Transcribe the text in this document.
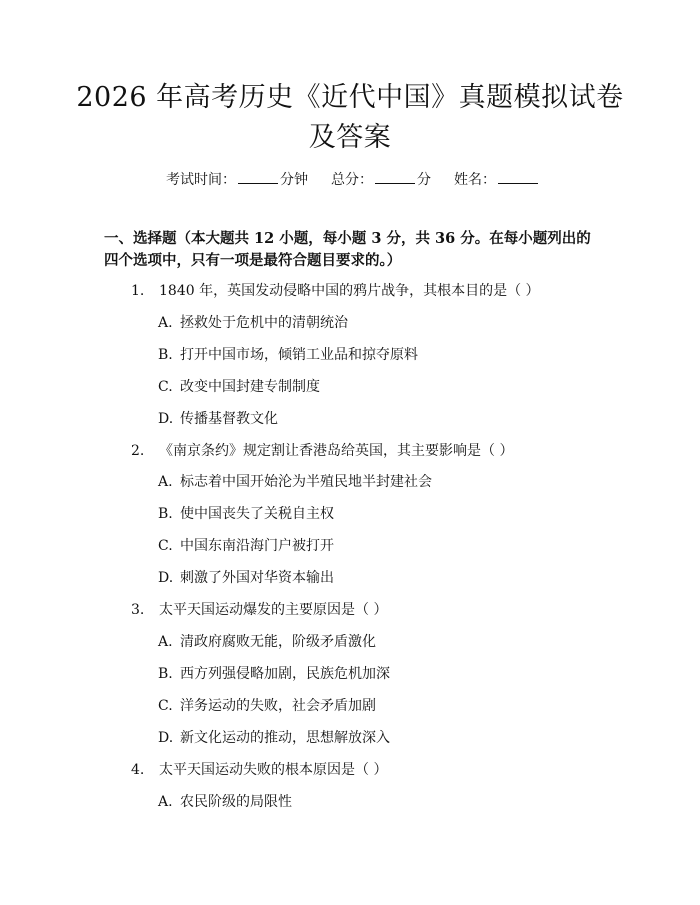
2026 年高考历史《近代中国》真题模拟试卷
及答案
考试时间：	分钟 总分：	分 姓名：
一、选择题（本大题共 12 小题，每小题 3 分，共 36 分。在每小题列出的四个选项中，只有一项是最符合题目要求的。）
1. 1840 年，英国发动侵略中国的鸦片战争，其根本目的是（ ）
A. 拯救处于危机中的清朝统治
B. 打开中国市场，倾销工业品和掠夺原料
C. 改变中国封建专制制度
D. 传播基督教文化
2. 《南京条约》规定割让香港岛给英国，其主要影响是（ ）
A. 标志着中国开始沦为半殖民地半封建社会
B. 使中国丧失了关税自主权
C. 中国东南沿海门户被打开
D. 刺激了外国对华资本输出
3. 太平天国运动爆发的主要原因是（ ）
A. 清政府腐败无能，阶级矛盾激化
B. 西方列强侵略加剧，民族危机加深
C. 洋务运动的失败，社会矛盾加剧
D. 新文化运动的推动，思想解放深入
4. 太平天国运动失败的根本原因是（ ）
A. 农民阶级的局限性
